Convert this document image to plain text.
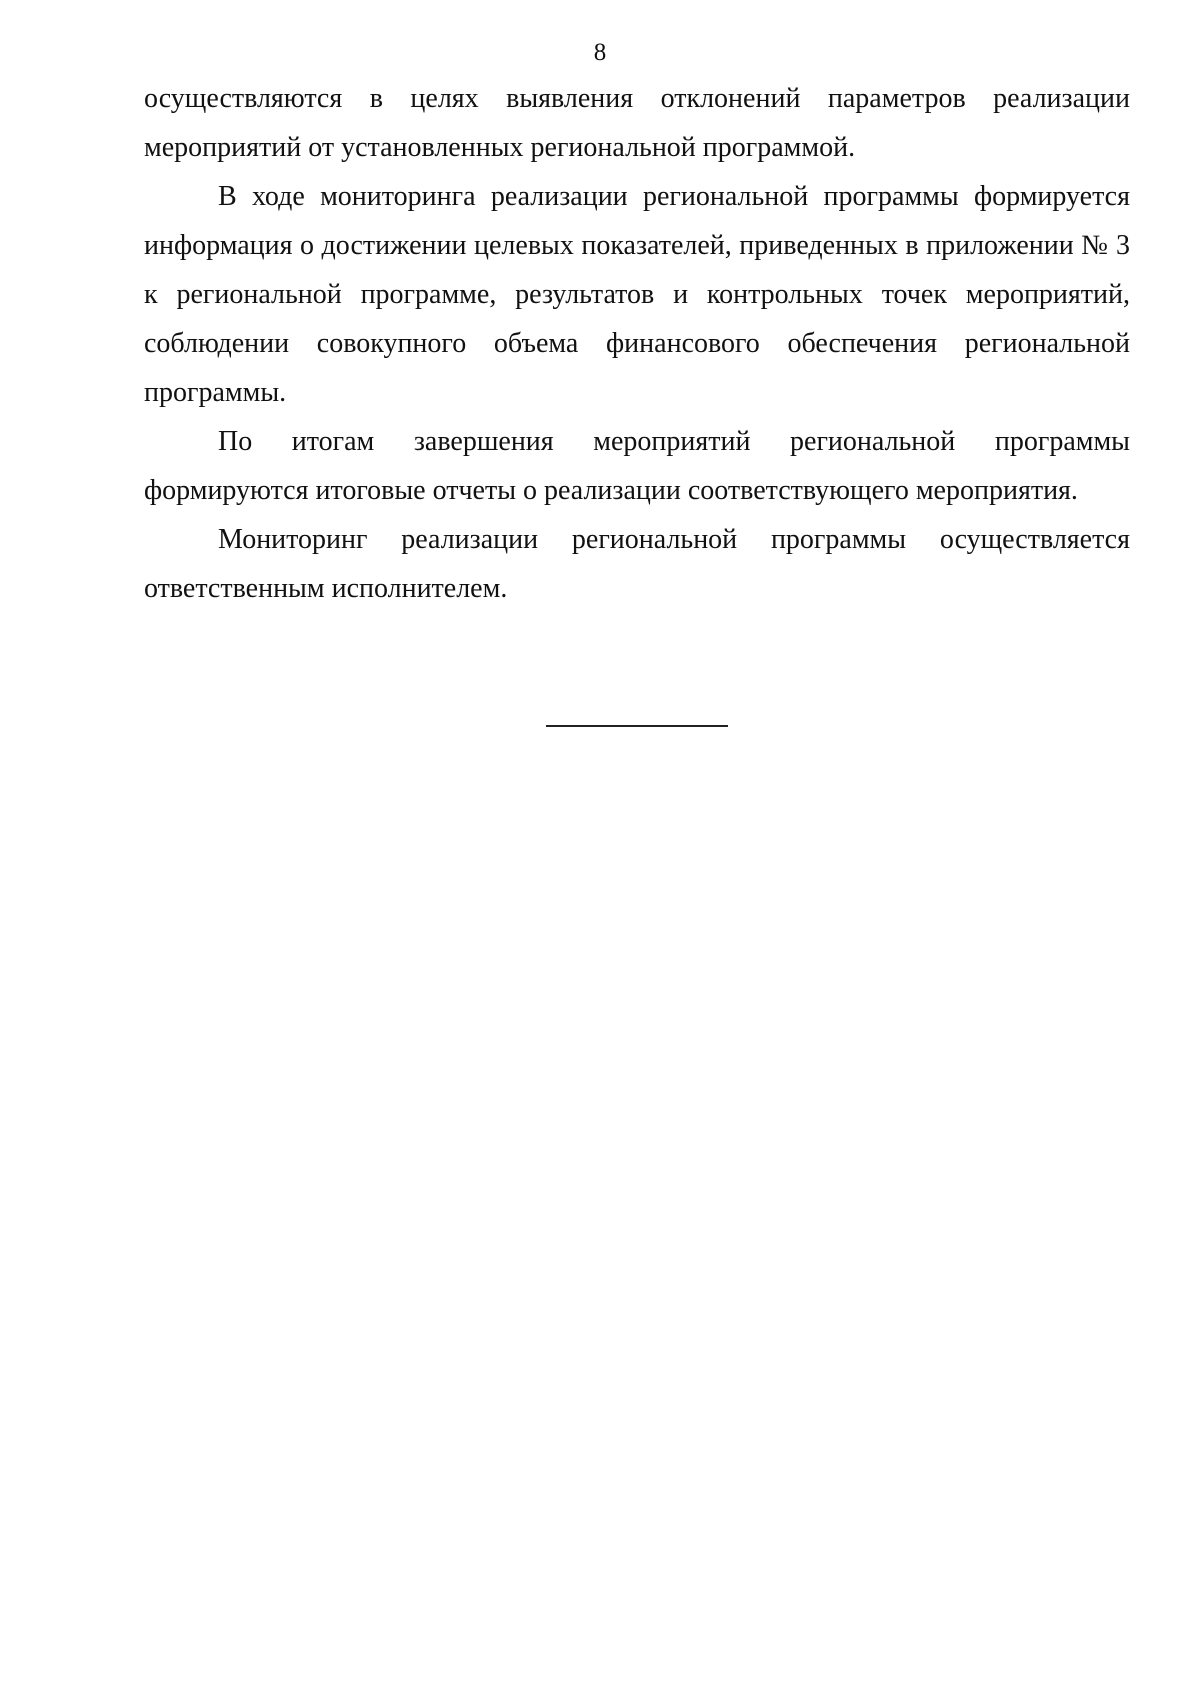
8

осуществляются в целях выявления отклонений параметров реализации мероприятий от установленных региональной программой.

В ходе мониторинга реализации региональной программы формируется информация о достижении целевых показателей, приведенных в приложении № 3 к региональной программе, результатов и контрольных точек мероприятий, соблюдении совокупного объема финансового обеспечения региональной программы.

По итогам завершения мероприятий региональной программы формируются итоговые отчеты о реализации соответствующего мероприятия.

Мониторинг реализации региональной программы осуществляется ответственным исполнителем.
